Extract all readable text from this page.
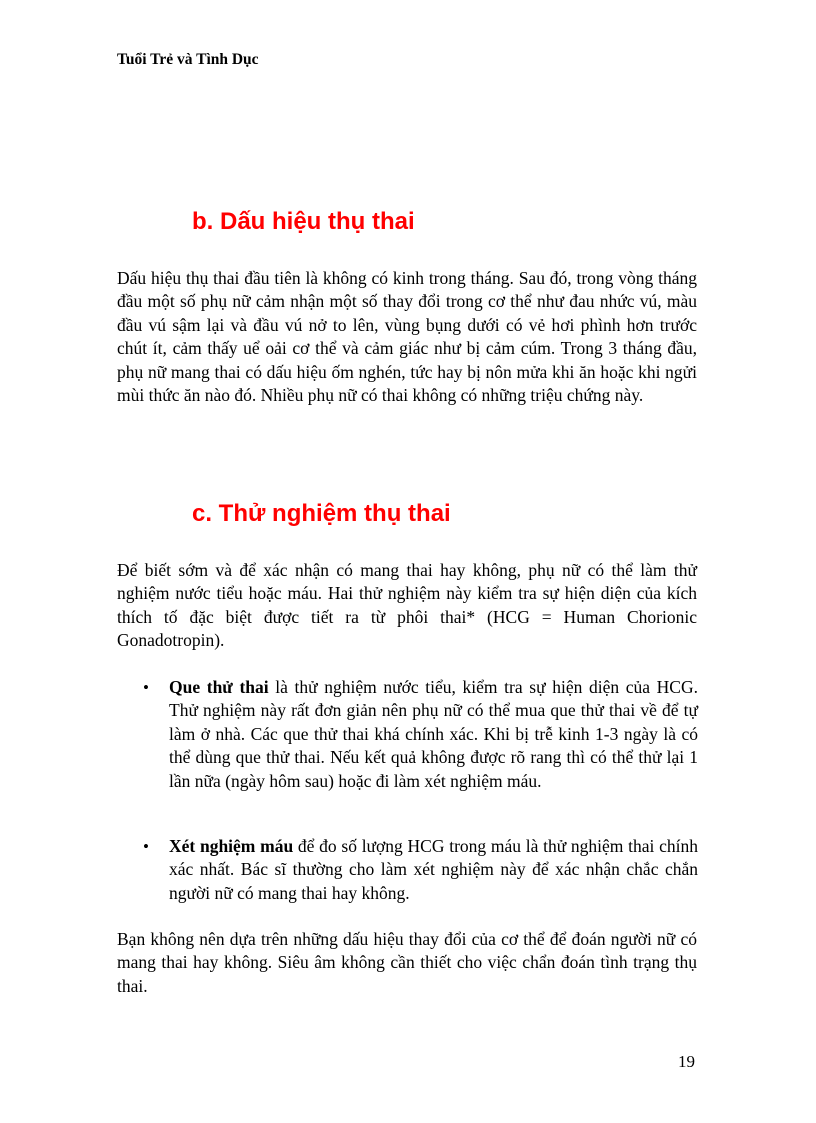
Tuổi Trẻ và Tình Dục
b. Dấu hiệu thụ thai

Dấu hiệu thụ thai đầu tiên là không có kinh trong tháng. Sau đó, trong vòng tháng đầu một số phụ nữ cảm nhận một số thay đổi trong cơ thể như đau nhức vú, màu đầu vú sậm lại và đầu vú nở to lên, vùng bụng dưới có vẻ hơi phình hơn trước chút ít, cảm thấy uể oải cơ thể và cảm giác như bị cảm cúm. Trong 3 tháng đầu, phụ nữ mang thai có dấu hiệu ốm nghén, tức hay bị nôn mửa khi ăn hoặc khi ngửi mùi thức ăn nào đó. Nhiều phụ nữ có thai không có những triệu chứng này.

c. Thử nghiệm thụ thai

Để biết sớm và để xác nhận có mang thai hay không, phụ nữ có thể làm thử nghiệm nước tiểu hoặc máu. Hai thử nghiệm này kiểm tra sự hiện diện của kích thích tố đặc biệt được tiết ra từ phôi thai* (HCG = Human Chorionic Gonadotropin).

• Que thử thai là thử nghiệm nước tiểu, kiểm tra sự hiện diện của HCG. Thử nghiệm này rất đơn giản nên phụ nữ có thể mua que thử thai về để tự làm ở nhà. Các que thử thai khá chính xác. Khi bị trễ kinh 1-3 ngày là có thể dùng que thử thai. Nếu kết quả không được rõ rang thì có thể thử lại 1 lần nữa (ngày hôm sau) hoặc đi làm xét nghiệm máu.
• Xét nghiệm máu để đo số lượng HCG trong máu là thử nghiệm thai chính xác nhất. Bác sĩ thường cho làm xét nghiệm này để xác nhận chắc chắn người nữ có mang thai hay không.

Bạn không nên dựa trên những dấu hiệu thay đổi của cơ thể để đoán người nữ có mang thai hay không. Siêu âm không cần thiết cho việc chẩn đoán tình trạng thụ thai.

19
